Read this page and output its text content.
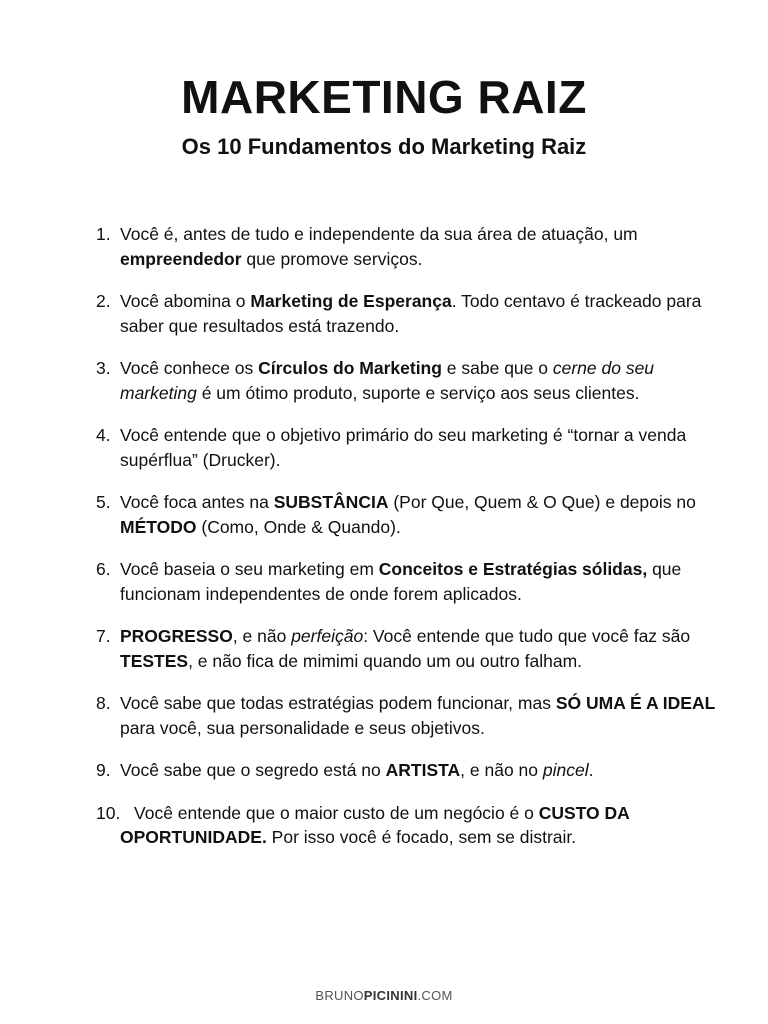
MARKETING RAIZ
Os 10 Fundamentos do Marketing Raiz
1. Você é, antes de tudo e independente da sua área de atuação, um empreendedor que promove serviços.
2. Você abomina o Marketing de Esperança. Todo centavo é trackeado para saber que resultados está trazendo.
3. Você conhece os Círculos do Marketing e sabe que o cerne do seu marketing é um ótimo produto, suporte e serviço aos seus clientes.
4. Você entende que o objetivo primário do seu marketing é “tornar a venda supérflua” (Drucker).
5. Você foca antes na SUBSTÂNCIA (Por Que, Quem & O Que) e depois no MÉTODO (Como, Onde & Quando).
6. Você baseia o seu marketing em Conceitos e Estratégias sólidas, que funcionam independentes de onde forem aplicados.
7. PROGRESSO, e não perfeição: Você entende que tudo que você faz são TESTES, e não fica de mimimi quando um ou outro falham.
8. Você sabe que todas estratégias podem funcionar, mas SÓ UMA É A IDEAL para você, sua personalidade e seus objetivos.
9. Você sabe que o segredo está no ARTISTA, e não no pincel.
10. Você entende que o maior custo de um negócio é o CUSTO DA OPORTUNIDADE. Por isso você é focado, sem se distrair.
BRUNOPICININI.COM
